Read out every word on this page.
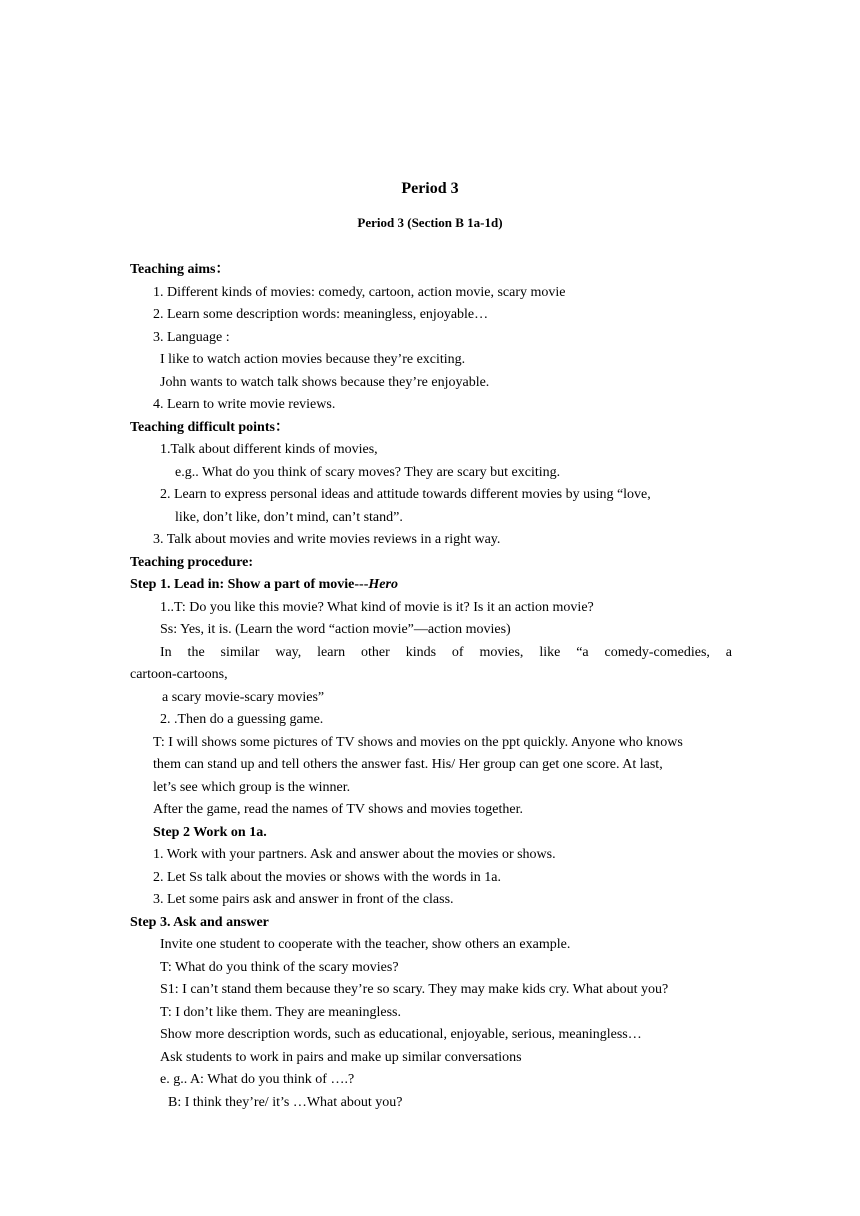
Period 3
Period 3 (Section B 1a-1d)
Teaching aims：
1. Different kinds of movies: comedy, cartoon, action movie, scary movie
2. Learn some description words: meaningless, enjoyable…
3. Language :
I like to watch action movies because they’re exciting.
John wants to watch talk shows because they’re enjoyable.
4. Learn to write movie reviews.
Teaching difficult points：
1.Talk about different kinds of movies,
e.g.. What do you think of scary moves? They are scary but exciting.
2. Learn to express personal ideas and attitude towards different movies by using “love,
like, don’t like, don’t mind, can’t stand”.
3. Talk about movies and write movies reviews in a right way.
Teaching procedure:
Step 1. Lead in: Show a part of movie---Hero
1..T: Do you like this movie? What kind of movie is it? Is it an action movie?
Ss: Yes, it is. (Learn the word “action movie”—action movies)
In the similar way, learn other kinds of movies, like “a comedy-comedies, a
cartoon-cartoons,
a scary movie-scary movies”
2. .Then do a guessing game.
T: I will shows some pictures of TV shows and movies on the ppt quickly. Anyone who knows
them can stand up and tell others the answer fast. His/ Her group can get one score. At last,
let’s see which group is the winner.
After the game, read the names of TV shows and movies together.
Step 2 Work on 1a.
1. Work with your partners. Ask and answer about the movies or shows.
2. Let Ss talk about the movies or shows with the words in 1a.
3. Let some pairs ask and answer in front of the class.
Step 3. Ask and answer
Invite one student to cooperate with the teacher, show others an example.
T: What do you think of the scary movies?
S1: I can’t stand them because they’re so scary. They may make kids cry. What about you?
T: I don’t like them. They are meaningless.
Show more description words, such as educational, enjoyable, serious, meaningless…
Ask students to work in pairs and make up similar conversations
e. g.. A: What do you think of ….?
B: I think they’re/ it’s …What about you?
